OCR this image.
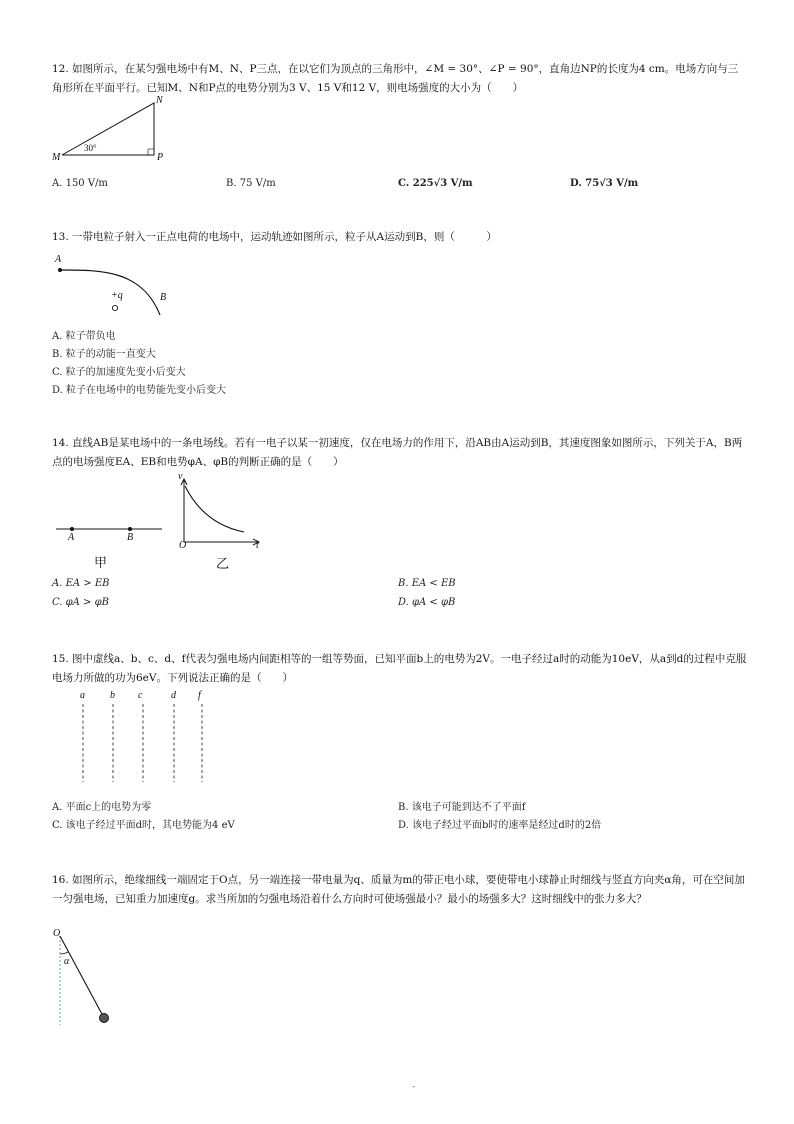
12. 如图所示，在某匀强电场中有M、N、P三点，在以它们为顶点的三角形中，∠M = 30°、∠P = 90°，直角边NP的长度为4 cm。电场方向与三角形所在平面平行。已知M、N和P点的电势分别为3 V、15 V和12 V，则电场强度的大小为（　　）
M
N
P
30°
A. 150 V/m	B. 75 V/m	C. 225√3 V/m	D. 75√3 V/m
13. 一带电粒子射入一正点电荷的电场中，运动轨迹如图所示，粒子从A运动到B，则（　　　）
A
B
+q
A. 粒子带负电
B. 粒子的动能一直变大
C. 粒子的加速度先变小后变大
D. 粒子在电场中的电势能先变小后变大
14. 直线AB是某电场中的一条电场线。若有一电子以某一初速度，仅在电场力的作用下，沿AB由A运动到B，其速度图象如图所示，下列关于A，B两点的电场强度EA、EB和电势φA、φB的判断正确的是（　　）
A	B
甲
v
O	t
乙
A. EA > EB	B. EA < EB
C. φA > φB	D. φA < φB
15. 图中虚线a、b、c、d、f代表匀强电场内间距相等的一组等势面，已知平面b上的电势为2V。一电子经过a时的动能为10eV，从a到d的过程中克服电场力所做的功为6eV。下列说法正确的是（　　）
a	b c	d f
A. 平面c上的电势为零	B. 该电子可能到达不了平面f
C. 该电子经过平面d时，其电势能为4 eV	D. 该电子经过平面b时的速率是经过d时的2倍
16. 如图所示，绝缘细线一端固定于O点，另一端连接一带电量为q、质量为m的带正电小球，要使带电小球静止时细线与竖直方向夹α角，可在空间加一匀强电场，已知重力加速度g。求当所加的匀强电场沿着什么方向时可使场强最小？最小的场强多大？这时细线中的张力多大？
O
α
-
